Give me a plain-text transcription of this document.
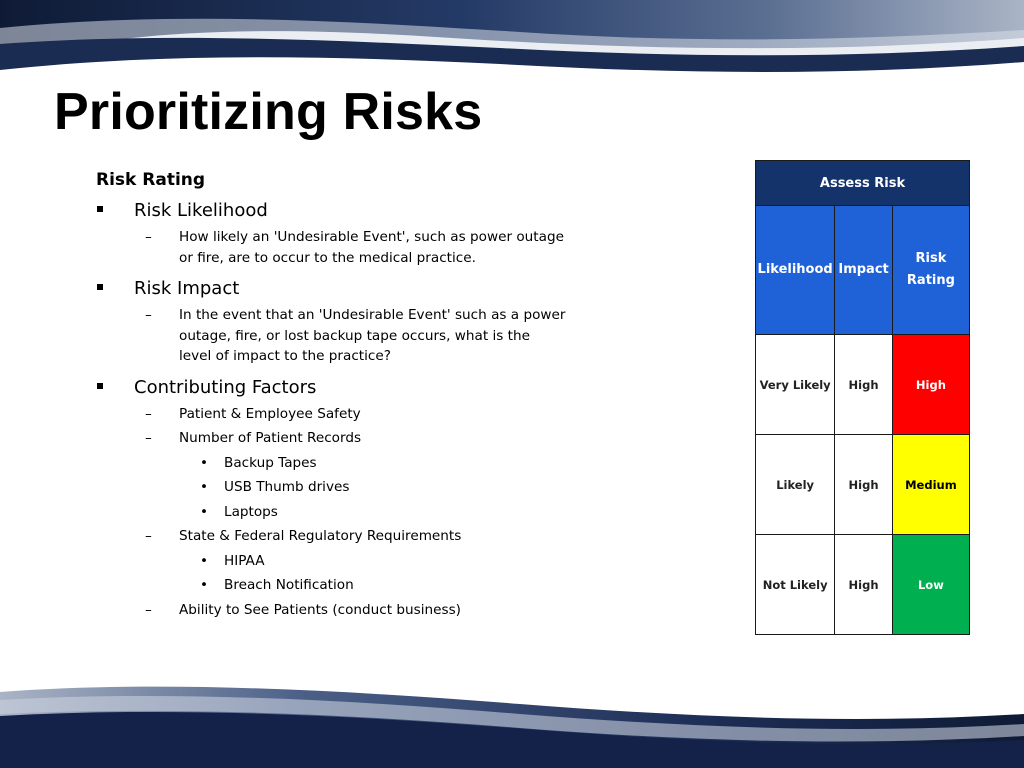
Prioritizing Risks
Risk Rating
Risk Likelihood
– How likely an 'Undesirable Event', such as power outage or fire, are to occur to the medical practice.
Risk Impact
– In the event that an 'Undesirable Event' such as a power outage, fire, or lost backup tape occurs, what is the level of impact to the practice?
Contributing Factors
– Patient & Employee Safety
– Number of Patient Records
• Backup Tapes
• USB Thumb drives
• Laptops
– State & Federal Regulatory Requirements
• HIPAA
• Breach Notification
– Ability to See Patients (conduct business)
Assess Risk		
Likelihood	Impact	Risk Rating
Very Likely	High	High
Likely	High	Medium
Not Likely	High	Low
